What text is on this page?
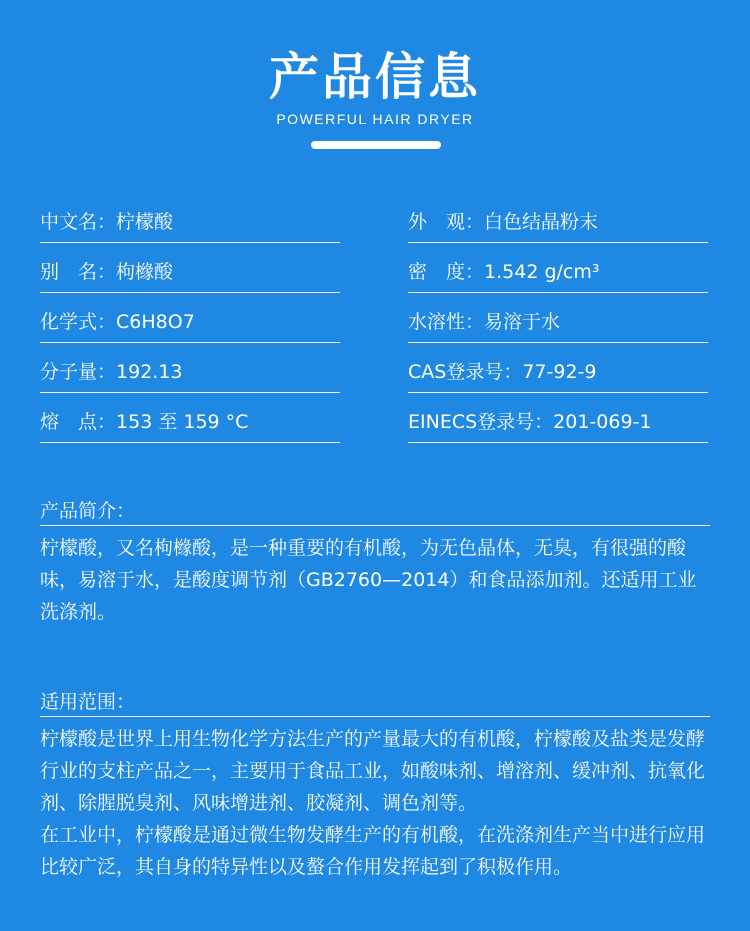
产品信息
POWERFUL HAIR DRYER
中文名：柠檬酸
别　名：枸橼酸
化学式：C6H8O7
分子量：192.13
熔　点：153 至 159 °C
外　观：白色结晶粉末
密　度：1.542 g/cm³
水溶性：易溶于水
CAS登录号：77-92-9
EINECS登录号：201-069-1
产品简介：

柠檬酸，又名枸橼酸，是一种重要的有机酸，为无色晶体，无臭，有很强的酸味，易溶于水，是酸度调节剂（GB2760—2014）和食品添加剂。还适用工业洗涤剂。

适用范围：

柠檬酸是世界上用生物化学方法生产的产量最大的有机酸，柠檬酸及盐类是发酵行业的支柱产品之一，主要用于食品工业，如酸味剂、增溶剂、缓冲剂、抗氧化剂、除腥脱臭剂、风味增进剂、胶凝剂、调色剂等。

在工业中，柠檬酸是通过微生物发酵生产的有机酸，在洗涤剂生产当中进行应用比较广泛，其自身的特异性以及螯合作用发挥起到了积极作用。
